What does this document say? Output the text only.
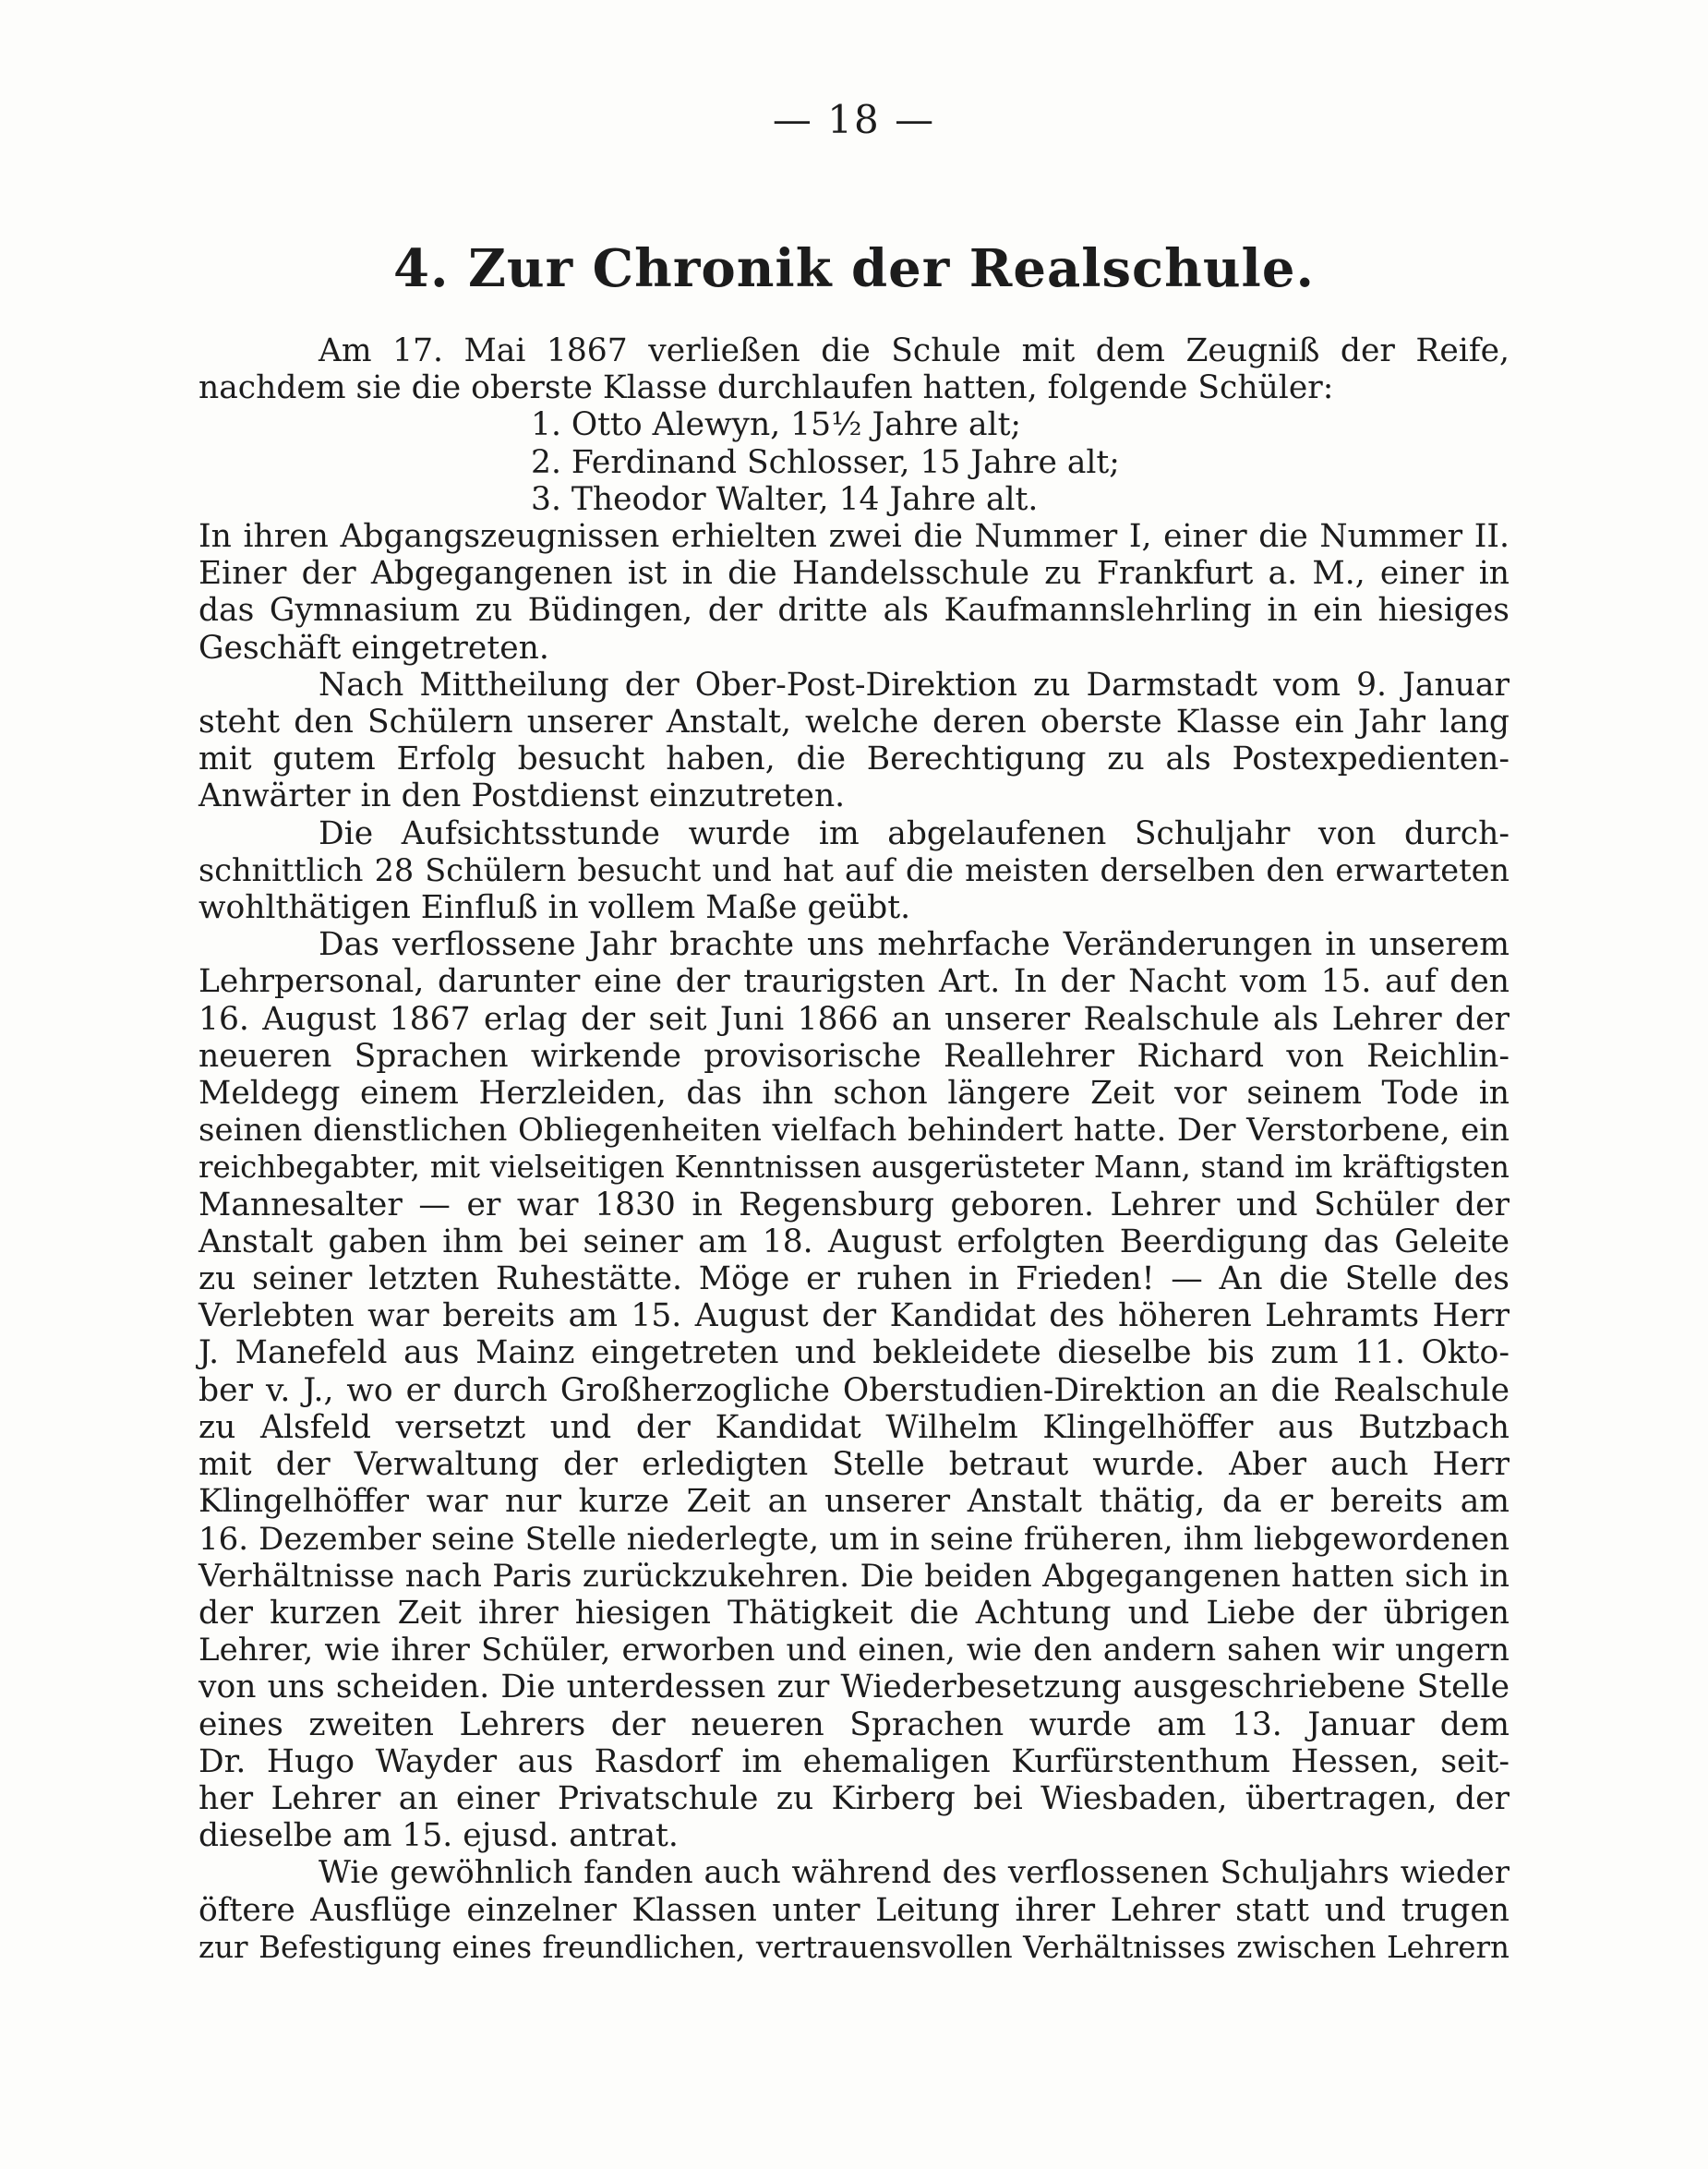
— 18 —
4. Zur Chronik der Realschule.
Am 17. Mai 1867 verließen die Schule mit dem Zeugniß der Reife,
nachdem sie die oberste Klasse durchlaufen hatten, folgende Schüler:
1. Otto Alewyn, 15½ Jahre alt;
2. Ferdinand Schlosser, 15 Jahre alt;
3. Theodor Walter, 14 Jahre alt.
In ihren Abgangszeugnissen erhielten zwei die Nummer I, einer die Nummer II.
Einer der Abgegangenen ist in die Handelsschule zu Frankfurt a. M., einer in
das Gymnasium zu Büdingen, der dritte als Kaufmannslehrling in ein hiesiges
Geschäft eingetreten.
Nach Mittheilung der Ober-Post-Direktion zu Darmstadt vom 9. Januar
steht den Schülern unserer Anstalt, welche deren oberste Klasse ein Jahr lang
mit gutem Erfolg besucht haben, die Berechtigung zu als Postexpedienten-
Anwärter in den Postdienst einzutreten.
Die Aufsichtsstunde wurde im abgelaufenen Schuljahr von durch-
schnittlich 28 Schülern besucht und hat auf die meisten derselben den erwarteten
wohlthätigen Einfluß in vollem Maße geübt.
Das verflossene Jahr brachte uns mehrfache Veränderungen in unserem
Lehrpersonal, darunter eine der traurigsten Art. In der Nacht vom 15. auf den
16. August 1867 erlag der seit Juni 1866 an unserer Realschule als Lehrer der
neueren Sprachen wirkende provisorische Reallehrer Richard von Reichlin-
Meldegg einem Herzleiden, das ihn schon längere Zeit vor seinem Tode in
seinen dienstlichen Obliegenheiten vielfach behindert hatte. Der Verstorbene, ein
reichbegabter, mit vielseitigen Kenntnissen ausgerüsteter Mann, stand im kräftigsten
Mannesalter — er war 1830 in Regensburg geboren. Lehrer und Schüler der
Anstalt gaben ihm bei seiner am 18. August erfolgten Beerdigung das Geleite
zu seiner letzten Ruhestätte. Möge er ruhen in Frieden! — An die Stelle des
Verlebten war bereits am 15. August der Kandidat des höheren Lehramts Herr
J. Manefeld aus Mainz eingetreten und bekleidete dieselbe bis zum 11. Okto-
ber v. J., wo er durch Großherzogliche Oberstudien-Direktion an die Realschule
zu Alsfeld versetzt und der Kandidat Wilhelm Klingelhöffer aus Butzbach
mit der Verwaltung der erledigten Stelle betraut wurde. Aber auch Herr
Klingelhöffer war nur kurze Zeit an unserer Anstalt thätig, da er bereits am
16. Dezember seine Stelle niederlegte, um in seine früheren, ihm liebgewordenen
Verhältnisse nach Paris zurückzukehren. Die beiden Abgegangenen hatten sich in
der kurzen Zeit ihrer hiesigen Thätigkeit die Achtung und Liebe der übrigen
Lehrer, wie ihrer Schüler, erworben und einen, wie den andern sahen wir ungern
von uns scheiden. Die unterdessen zur Wiederbesetzung ausgeschriebene Stelle
eines zweiten Lehrers der neueren Sprachen wurde am 13. Januar dem
Dr. Hugo Wayder aus Rasdorf im ehemaligen Kurfürstenthum Hessen, seit-
her Lehrer an einer Privatschule zu Kirberg bei Wiesbaden, übertragen, der
dieselbe am 15. ejusd. antrat.
Wie gewöhnlich fanden auch während des verflossenen Schuljahrs wieder
öftere Ausflüge einzelner Klassen unter Leitung ihrer Lehrer statt und trugen
zur Befestigung eines freundlichen, vertrauensvollen Verhältnisses zwischen Lehrern
